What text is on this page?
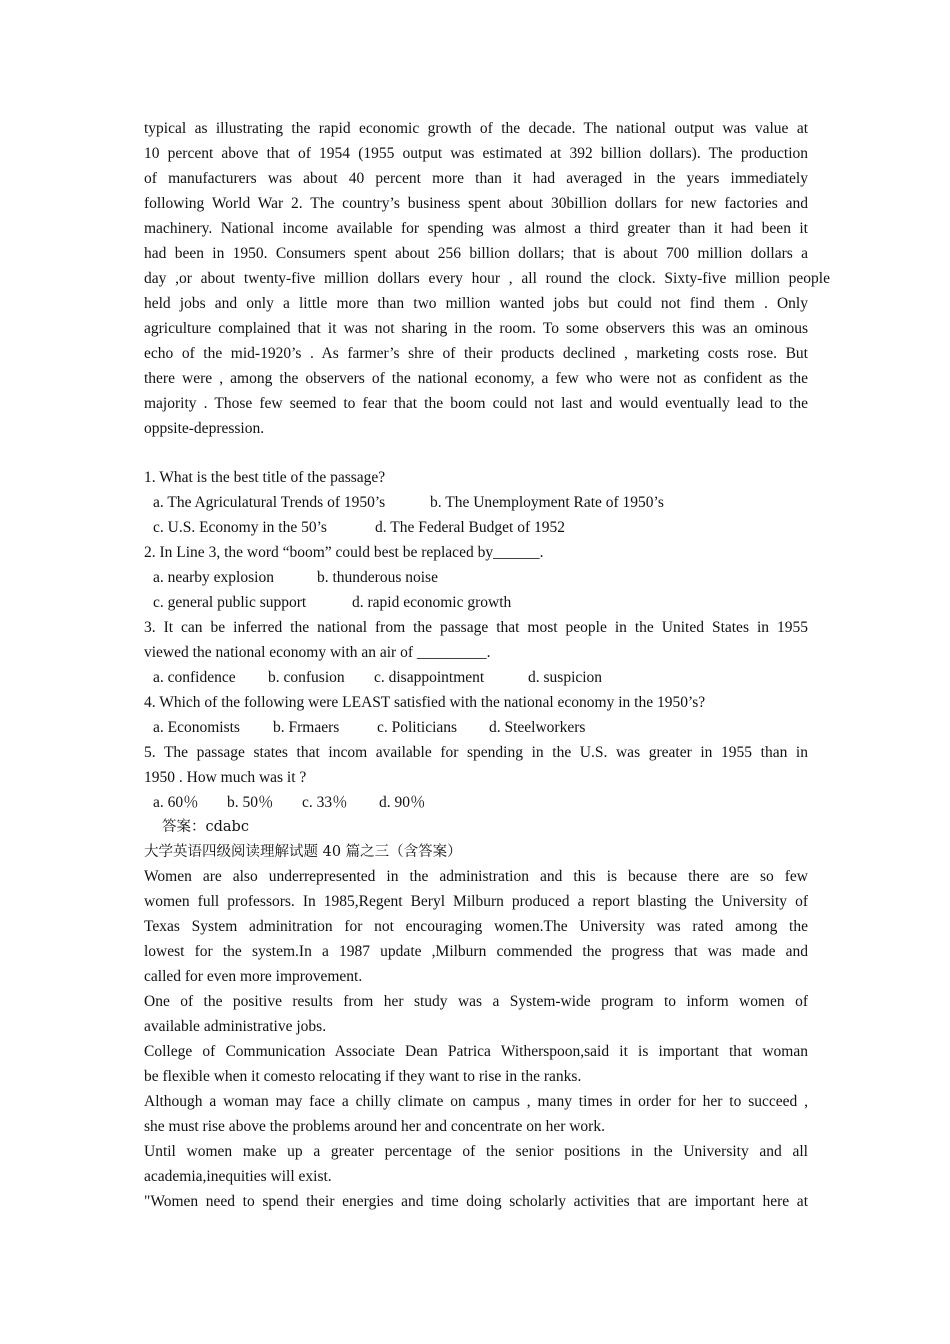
typical as illustrating the rapid economic growth of the decade. The national output was value at
10 percent above that of 1954 (1955 output was estimated at 392 billion dollars). The production
of manufacturers was about 40 percent more than it had averaged in the years immediately
following World War 2. The country’s business spent about 30billion dollars for new factories and
machinery. National income available for spending was almost a third greater than it had been it
had been in 1950. Consumers spent about 256 billion dollars; that is about 700 million dollars a
day ,or about twenty-five million dollars every hour , all round the clock. Sixty-five million people
held jobs and only a little more than two million wanted jobs but could not find them . Only
agriculture complained that it was not sharing in the room. To some observers this was an ominous
echo of the mid-1920’s . As farmer’s shre of their products declined , marketing costs rose. But
there were , among the observers of the national economy, a few who were not as confident as the
majority . Those few seemed to fear that the boom could not last and would eventually lead to the
oppsite-depression.
1. What is the best title of the passage?
a. The Agriculatural Trends of 1950’s	b. The Unemployment Rate of 1950’s
c. U.S. Economy in the 50’s	d. The Federal Budget of 1952
2. In Line 3, the word “boom” could best be replaced by______.
a. nearby explosion	b. thunderous noise
c. general public support	d. rapid economic growth
3. It can be inferred the national from the passage that most people in the United States in 1955
viewed the national economy with an air of _________.
a. confidence b. confusion c. disappointment	d. suspicion
4. Which of the following were LEAST satisfied with the national economy in the 1950’s?
a. Economists b. Frmaers c. Politicians d. Steelworkers
5. The passage states that incom available for spending in the U.S. was greater in 1955 than in
1950 . How much was it ?
a. 60％ b. 50％ c. 33％ d. 90％
答案：cdabc
大学英语四级阅读理解试题 40 篇之三（含答案）
Women are also underrepresented in the administration and this is because there are so few
women full professors. In 1985,Regent Beryl Milburn produced a report blasting the University of
Texas System adminitration for not encouraging women.The University was rated among the
lowest for the system.In a 1987 update ,Milburn commended the progress that was made and
called for even more improvement.
One of the positive results from her study was a System-wide program to inform women of
available administrative jobs.
College of Communication Associate Dean Patrica Witherspoon,said it is important that woman
be flexible when it comesto relocating if they want to rise in the ranks.
Although a woman may face a chilly climate on campus , many times in order for her to succeed ,
she must rise above the problems around her and concentrate on her work.
Until women make up a greater percentage of the senior positions in the University and all
academia,inequities will exist.
"Women need to spend their energies and time doing scholarly activities that are important here at
